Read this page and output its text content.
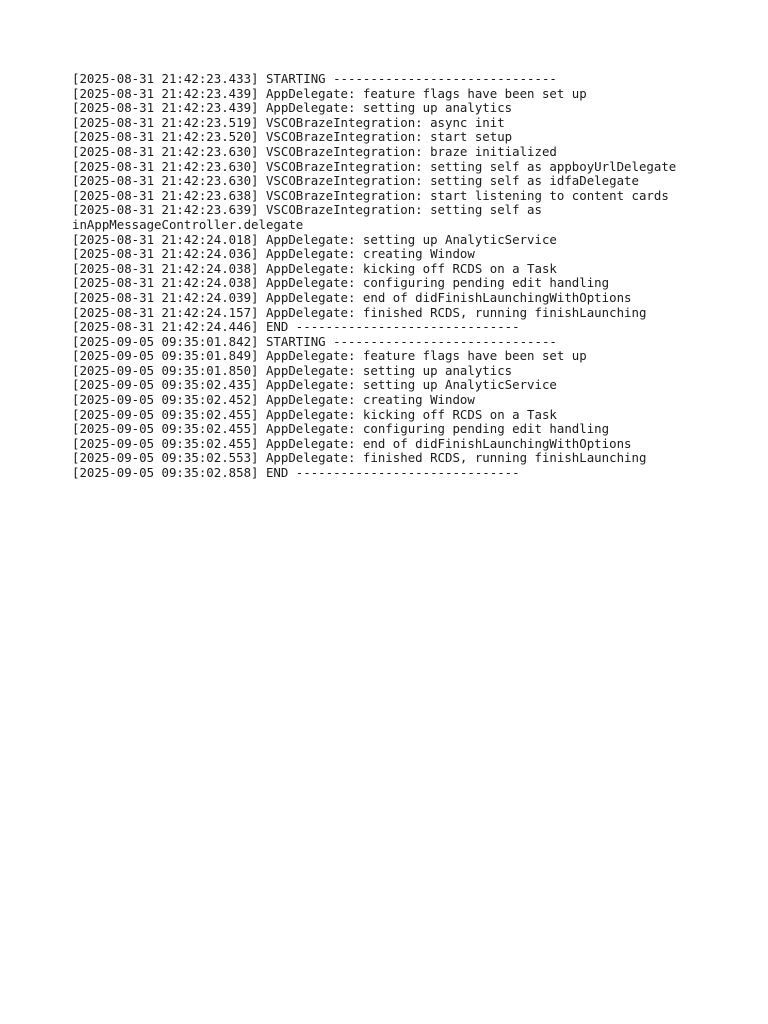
[2025-08-31 21:42:23.433] STARTING ------------------------------
[2025-08-31 21:42:23.439] AppDelegate: feature flags have been set up
[2025-08-31 21:42:23.439] AppDelegate: setting up analytics
[2025-08-31 21:42:23.519] VSCOBrazeIntegration: async init
[2025-08-31 21:42:23.520] VSCOBrazeIntegration: start setup
[2025-08-31 21:42:23.630] VSCOBrazeIntegration: braze initialized
[2025-08-31 21:42:23.630] VSCOBrazeIntegration: setting self as appboyUrlDelegate
[2025-08-31 21:42:23.630] VSCOBrazeIntegration: setting self as idfaDelegate
[2025-08-31 21:42:23.638] VSCOBrazeIntegration: start listening to content cards
[2025-08-31 21:42:23.639] VSCOBrazeIntegration: setting self as
inAppMessageController.delegate
[2025-08-31 21:42:24.018] AppDelegate: setting up AnalyticService
[2025-08-31 21:42:24.036] AppDelegate: creating Window
[2025-08-31 21:42:24.038] AppDelegate: kicking off RCDS on a Task
[2025-08-31 21:42:24.038] AppDelegate: configuring pending edit handling
[2025-08-31 21:42:24.039] AppDelegate: end of didFinishLaunchingWithOptions
[2025-08-31 21:42:24.157] AppDelegate: finished RCDS, running finishLaunching
[2025-08-31 21:42:24.446] END ------------------------------
[2025-09-05 09:35:01.842] STARTING ------------------------------
[2025-09-05 09:35:01.849] AppDelegate: feature flags have been set up
[2025-09-05 09:35:01.850] AppDelegate: setting up analytics
[2025-09-05 09:35:02.435] AppDelegate: setting up AnalyticService
[2025-09-05 09:35:02.452] AppDelegate: creating Window
[2025-09-05 09:35:02.455] AppDelegate: kicking off RCDS on a Task
[2025-09-05 09:35:02.455] AppDelegate: configuring pending edit handling
[2025-09-05 09:35:02.455] AppDelegate: end of didFinishLaunchingWithOptions
[2025-09-05 09:35:02.553] AppDelegate: finished RCDS, running finishLaunching
[2025-09-05 09:35:02.858] END ------------------------------
